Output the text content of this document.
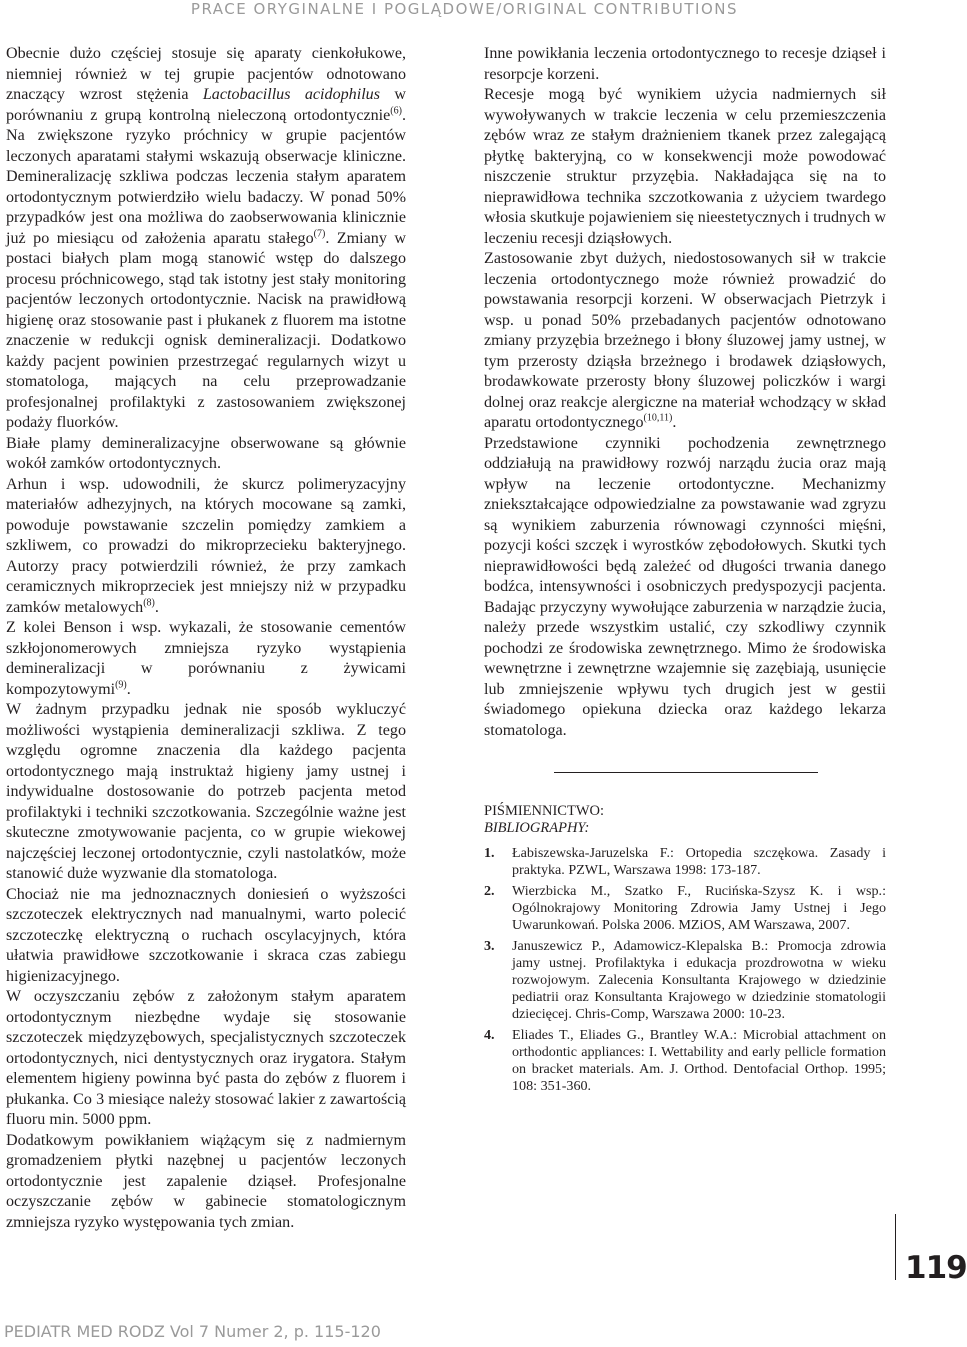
PRACE ORYGINALNE I POGLĄDOWE/ORIGINAL CONTRIBUTIONS

Obecnie dużo częściej stosuje się aparaty cienkołukowe, niemniej również w tej grupie pacjentów odnotowano znaczący wzrost stężenia Lactobacillus acidophilus w porównaniu z grupą kontrolną nieleczoną ortodontycznie$^{(6)}$. Na zwiększone ryzyko próchnicy w grupie pacjentów leczonych aparatami stałymi wskazują obserwacje kliniczne. Demineralizację szkliwa podczas leczenia stałym aparatem ortodontycznym potwierdziło wielu badaczy. W ponad 50% przypadków jest ona możliwa do zaobserwowania klinicznie już po miesiącu od założenia aparatu stałego$^{(7)}$. Zmiany w postaci białych plam mogą stanowić wstęp do dalszego procesu próchnicowego, stąd tak istotny jest stały monitoring pacjentów leczonych ortodontycznie. Nacisk na prawidłową higienę oraz stosowanie past i płukanek z fluorem ma istotne znaczenie w redukcji ognisk demineralizacji. Dodatkowo każdy pacjent powinien przestrzegać regularnych wizyt u stomatologa, mających na celu przeprowadzanie profesjonalnej profilaktyki z zastosowaniem zwiększonej podaży fluorków.

Białe plamy demineralizacyjne obserwowane są głównie wokół zamków ortodontycznych.

Arhun i wsp. udowodnili, że skurcz polimeryzacyjny materiałów adhezyjnych, na których mocowane są zamki, powoduje powstawanie szczelin pomiędzy zamkiem a szkliwem, co prowadzi do mikroprzecieku bakteryjnego. Autorzy pracy potwierdzili również, że przy zamkach ceramicznych mikroprzeciek jest mniejszy niż w przypadku zamków metalowych$^{(8)}$.

Z kolei Benson i wsp. wykazali, że stosowanie cementów szkłojonomerowych zmniejsza ryzyko wystąpienia demineralizacji w porównaniu z żywicami kompozytowymi$^{(9)}$.

W żadnym przypadku jednak nie sposób wykluczyć możliwości wystąpienia demineralizacji szkliwa. Z tego względu ogromne znaczenia dla każdego pacjenta ortodontycznego mają instruktaż higieny jamy ustnej i indywidualne dostosowanie do potrzeb pacjenta metod profilaktyki i techniki szczotkowania. Szczególnie ważne jest skuteczne zmotywowanie pacjenta, co w grupie wiekowej najczęściej leczonej ortodontycznie, czyli nastolatków, może stanowić duże wyzwanie dla stomatologa.

Chociaż nie ma jednoznacznych doniesień o wyższości szczoteczek elektrycznych nad manualnymi, warto polecić szczoteczkę elektryczną o ruchach oscylacyjnych, która ułatwia prawidłowe szczotkowanie i skraca czas zabiegu higienizacyjnego.

W oczyszczaniu zębów z założonym stałym aparatem ortodontycznym niezbędne wydaje się stosowanie szczoteczek międzyzębowych, specjalistycznych szczoteczek ortodontycznych, nici dentystycznych oraz irygatora. Stałym elementem higieny powinna być pasta do zębów z fluorem i płukanka. Co 3 miesiące należy stosować lakier z zawartością fluoru min. 5000 ppm.

Dodatkowym powikłaniem wiążącym się z nadmiernym gromadzeniem płytki nazębnej u pacjentów leczonych ortodontycznie jest zapalenie dziąseł. Profesjonalne oczyszczanie zębów w gabinecie stomatologicznym zmniejsza ryzyko występowania tych zmian.

Inne powikłania leczenia ortodontycznego to recesje dziąseł i resorpcje korzeni.

Recesje mogą być wynikiem użycia nadmiernych sił wywoływanych w trakcie leczenia w celu przemieszczenia zębów wraz ze stałym drażnieniem tkanek przez zalegającą płytkę bakteryjną, co w konsekwencji może powodować niszczenie struktur przyzębia. Nakładająca się na to nieprawidłowa technika szczotkowania z użyciem twardego włosia skutkuje pojawieniem się nieestetycznych i trudnych w leczeniu recesji dziąsłowych.

Zastosowanie zbyt dużych, niedostosowanych sił w trakcie leczenia ortodontycznego może również prowadzić do powstawania resorpcji korzeni. W obserwacjach Pietrzyk i wsp. u ponad 50% przebadanych pacjentów odnotowano zmiany przyzębia brzeżnego i błony śluzowej jamy ustnej, w tym przerosty dziąsła brzeżnego i brodawek dziąsłowych, brodawkowate przerosty błony śluzowej policzków i wargi dolnej oraz reakcje alergiczne na materiał wchodzący w skład aparatu ortodontycznego$^{(10,11)}$.

Przedstawione czynniki pochodzenia zewnętrznego oddziałują na prawidłowy rozwój narządu żucia oraz mają wpływ na leczenie ortodontyczne. Mechanizmy zniekształcające odpowiedzialne za powstawanie wad zgryzu są wynikiem zaburzenia równowagi czynności mięśni, pozycji kości szczęk i wyrostków zębodołowych. Skutki tych nieprawidłowości będą zależeć od długości trwania danego bodźca, intensywności i osobniczych predyspozycji pacjenta. Badając przyczyny wywołujące zaburzenia w narządzie żucia, należy przede wszystkim ustalić, czy szkodliwy czynnik pochodzi ze środowiska zewnętrznego. Mimo że środowiska wewnętrzne i zewnętrzne wzajemnie się zazębiają, usunięcie lub zmniejszenie wpływu tych drugich jest w gestii świadomego opiekuna dziecka oraz każdego lekarza stomatologa.

PIŚMIENNICTWO:
BIBLIOGRAPHY:
1. Łabiszewska-Jaruzelska F.: Ortopedia szczękowa. Zasady i praktyka. PZWL, Warszawa 1998: 173-187.
2. Wierzbicka M., Szatko F., Rucińska-Szysz K. i wsp.: Ogólnokrajowy Monitoring Zdrowia Jamy Ustnej i Jego Uwarunkowań. Polska 2006. MZiOS, AM Warszawa, 2007.
3. Januszewicz P., Adamowicz-Klepalska B.: Promocja zdrowia jamy ustnej. Profilaktyka i edukacja prozdrowotna w wieku rozwojowym. Zalecenia Konsultanta Krajowego w dziedzinie pediatrii oraz Konsultanta Krajowego w dziedzinie stomatologii dziecięcej. Chris-Comp, Warszawa 2000: 10-23.
4. Eliades T., Eliades G., Brantley W.A.: Microbial attachment on orthodontic appliances: I. Wettability and early pellicle formation on bracket materials. Am. J. Orthod. Dentofacial Orthop. 1995; 108: 351-360.
119
PEDIATR MED RODZ Vol 7 Numer 2, p. 115-120
